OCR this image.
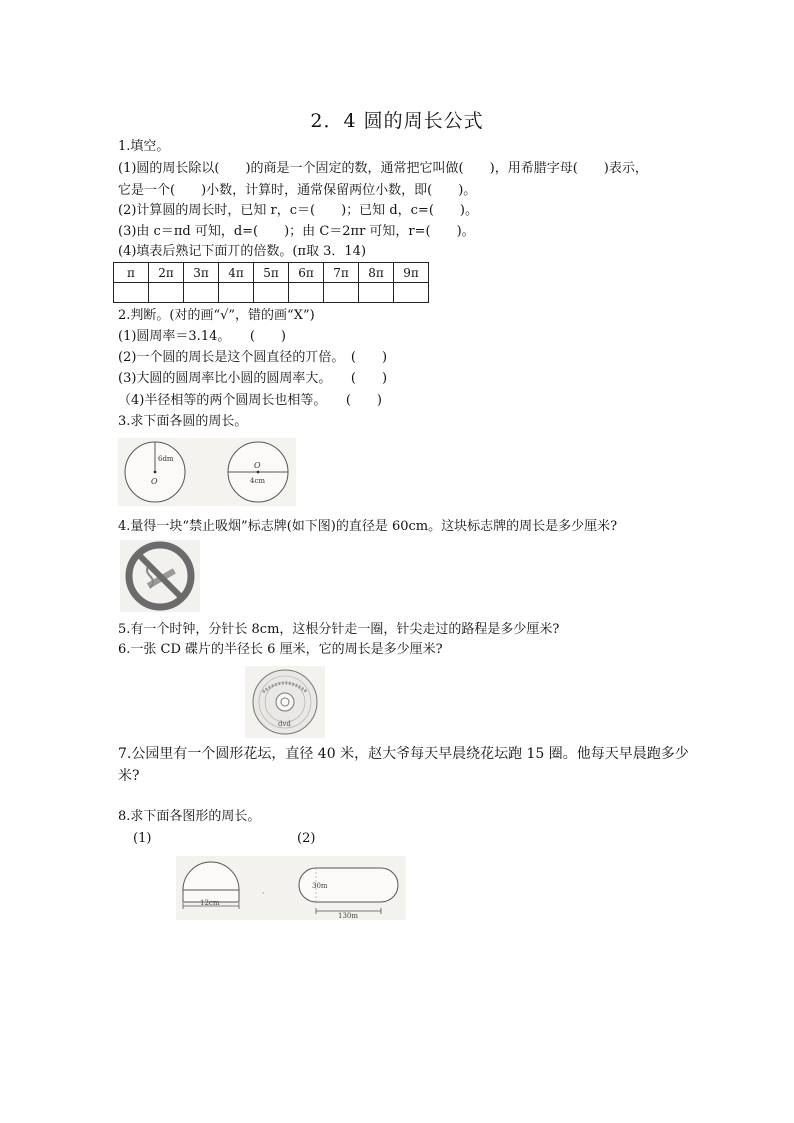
2．4 圆的周长公式
1.填空。
(1)圆的周长除以(　　)的商是一个固定的数，通常把它叫做(　　)，用希腊字母(　　)表示，
它是一个(　　)小数，计算时，通常保留两位小数，即(　　)。
(2)计算圆的周长时，已知 r，c＝(　　)；已知 d，c=(　　)。
(3)由 c＝πd 可知，d=(　　)；由 C＝2πr 可知，r=(　　)。
(4)填表后熟记下面丌的倍数。(π取 3．14)
π	2π	3π	4π	5π	6π	7π	8π	9π

2.判断。(对的画“√”，错的画“X”)
(1)圆周率＝3.14。　　(　　)
(2)一个圆的周长是这个圆直径的丌倍。　(　　)
(3)大圆的圆周率比小圆的圆周率大。　　(　　)
（4)半径相等的两个圆周长也相等。　　(　　)
3.求下面各圆的周长。
6dm
O
O
4cm
4.量得一块“禁止吸烟”标志牌(如下图)的直径是 60cm。这块标志牌的周长是多少厘米?
5.有一个时钟，分针长 8cm，这根分针走一圈，针尖走过的路程是多少厘米?
6.一张 CD 碟片的半径长 6 厘米，它的周长是多少厘米?
dvd
7.公园里有一个圆形花坛，直径 40 米，赵大爷每天早晨绕花坛跑 15 圈。他每天早晨跑多少
米?
8.求下面各图形的周长。
(1)	(2)
12cm
·
30m
130m
